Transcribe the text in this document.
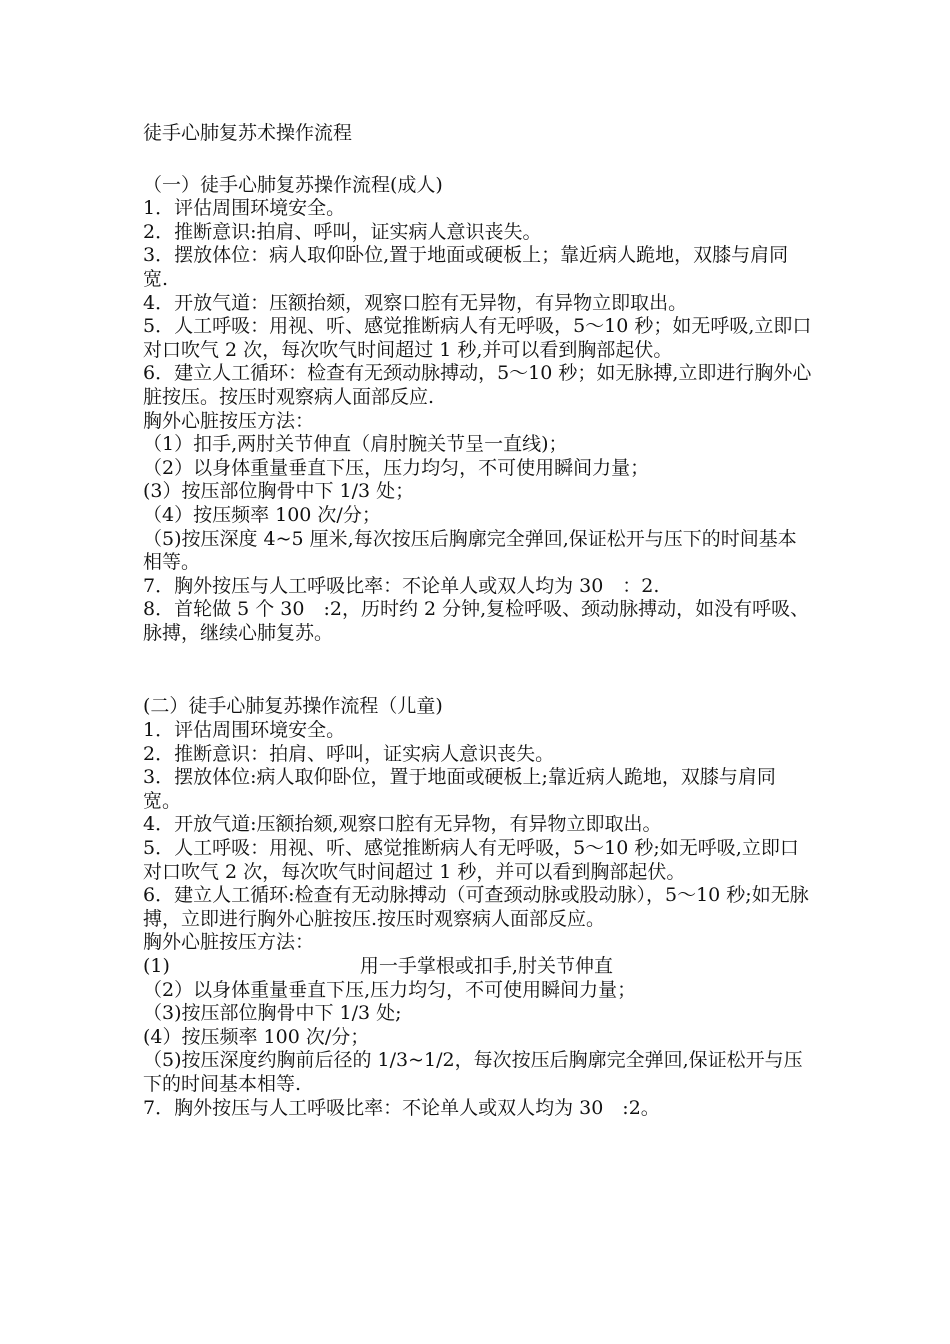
徒手心肺复苏术操作流程

（一）徒手心肺复苏操作流程(成人)

1．评估周围环境安全。

2．推断意识:拍肩、呼叫，证实病人意识丧失。

3．摆放体位：病人取仰卧位,置于地面或硬板上；靠近病人跪地，双膝与肩同宽.

4．开放气道：压额抬颏，观察口腔有无异物，有异物立即取出。

5．人工呼吸：用视、听、感觉推断病人有无呼吸，5～10 秒；如无呼吸,立即口对口吹气 2 次，每次吹气时间超过 1 秒,并可以看到胸部起伏。

6．建立人工循环：检查有无颈动脉搏动，5～10 秒；如无脉搏,立即进行胸外心脏按压。按压时观察病人面部反应.

胸外心脏按压方法：

（1）扣手,两肘关节伸直（肩肘腕关节呈一直线)；

（2）以身体重量垂直下压，压力均匀，不可使用瞬间力量；

(3）按压部位胸骨中下 1/3 处；

（4）按压频率 100 次/分；

（5)按压深度 4~5 厘米,每次按压后胸廓完全弹回,保证松开与压下的时间基本相等。

7．胸外按压与人工呼吸比率：不论单人或双人均为 30　：2.

8．首轮做 5 个 30　:2，历时约 2 分钟,复检呼吸、颈动脉搏动，如没有呼吸、脉搏，继续心肺复苏。

(二）徒手心肺复苏操作流程（儿童)

1．评估周围环境安全。

2．推断意识：拍肩、呼叫，证实病人意识丧失。

3．摆放体位:病人取仰卧位，置于地面或硬板上;靠近病人跪地，双膝与肩同宽。

4．开放气道:压额抬颏,观察口腔有无异物，有异物立即取出。

5．人工呼吸：用视、听、感觉推断病人有无呼吸，5～10 秒;如无呼吸,立即口对口吹气 2 次，每次吹气时间超过 1 秒，并可以看到胸部起伏。

6．建立人工循环:检查有无动脉搏动（可查颈动脉或股动脉），5～10 秒;如无脉搏，立即进行胸外心脏按压.按压时观察病人面部反应。

胸外心脏按压方法：

(1)　　　　　　　　　　用一手掌根或扣手,肘关节伸直

（2）以身体重量垂直下压,压力均匀，不可使用瞬间力量；

（3)按压部位胸骨中下 1/3 处;

(4）按压频率 100 次/分；

（5)按压深度约胸前后径的 1/3~1/2，每次按压后胸廓完全弹回,保证松开与压下的时间基本相等.

7．胸外按压与人工呼吸比率：不论单人或双人均为 30　:2。
